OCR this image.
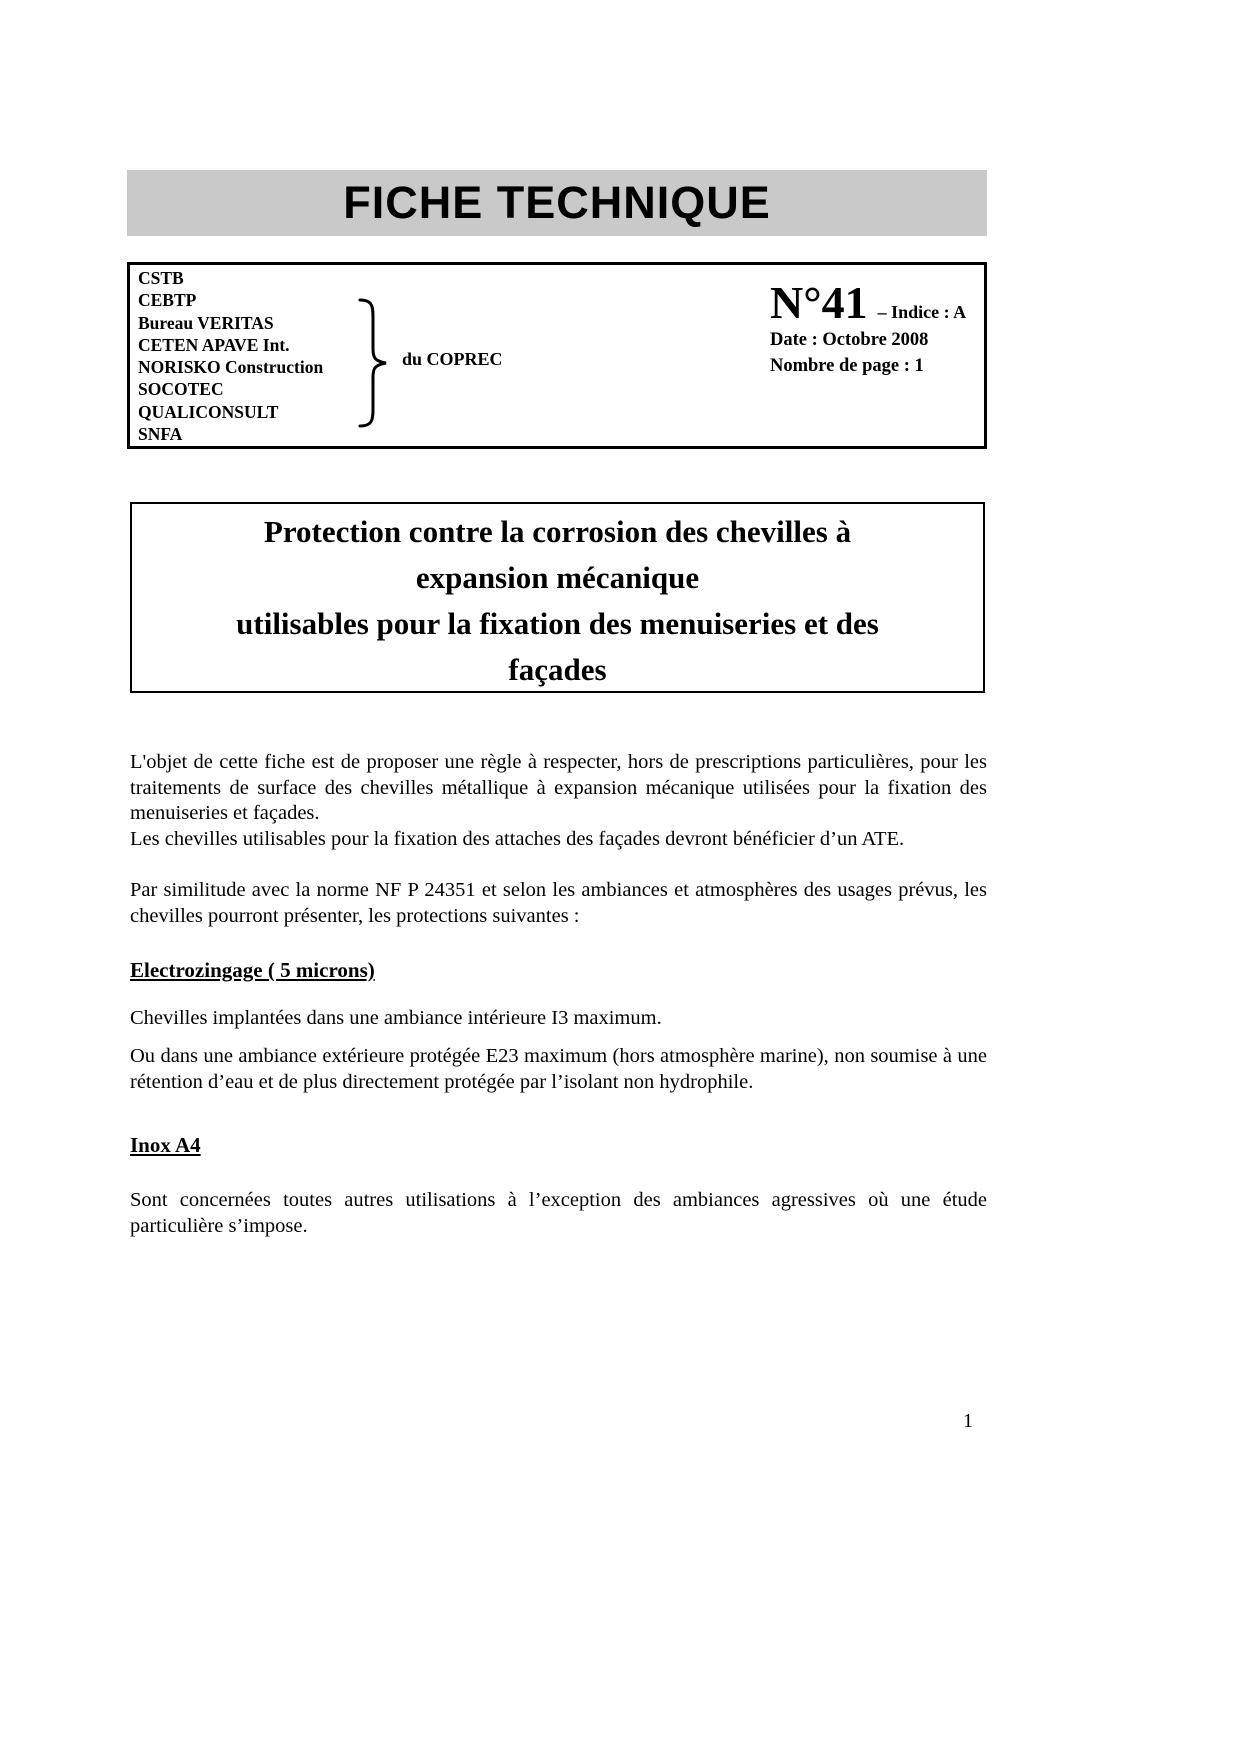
FICHE TECHNIQUE
CSTB
CEBTP
Bureau VERITAS
CETEN APAVE Int.
NORISKO Construction
SOCOTEC
QUALICONSULT
SNFA
du COPREC
N°41 – Indice : A
Date : Octobre 2008
Nombre de page : 1
Protection contre la corrosion des chevilles à
expansion mécanique
utilisables pour la fixation des menuiseries et des
façades

L'objet de cette fiche est de proposer une règle à respecter, hors de prescriptions particulières, pour les traitements de surface des chevilles métallique à expansion mécanique utilisées pour la fixation des menuiseries et façades.

Les chevilles utilisables pour la fixation des attaches des façades devront bénéficier d’un ATE.

Par similitude avec la norme NF P 24351 et selon les ambiances et atmosphères des usages prévus, les chevilles pourront présenter, les protections suivantes :

Electrozingage ( 5 microns)

Chevilles implantées dans une ambiance intérieure I3 maximum.

Ou dans une ambiance extérieure protégée E23 maximum (hors atmosphère marine), non soumise à une rétention d’eau et de plus directement protégée par l’isolant non hydrophile.

Inox A4

Sont concernées toutes autres utilisations à l’exception des ambiances agressives où une étude particulière s’impose.

1
